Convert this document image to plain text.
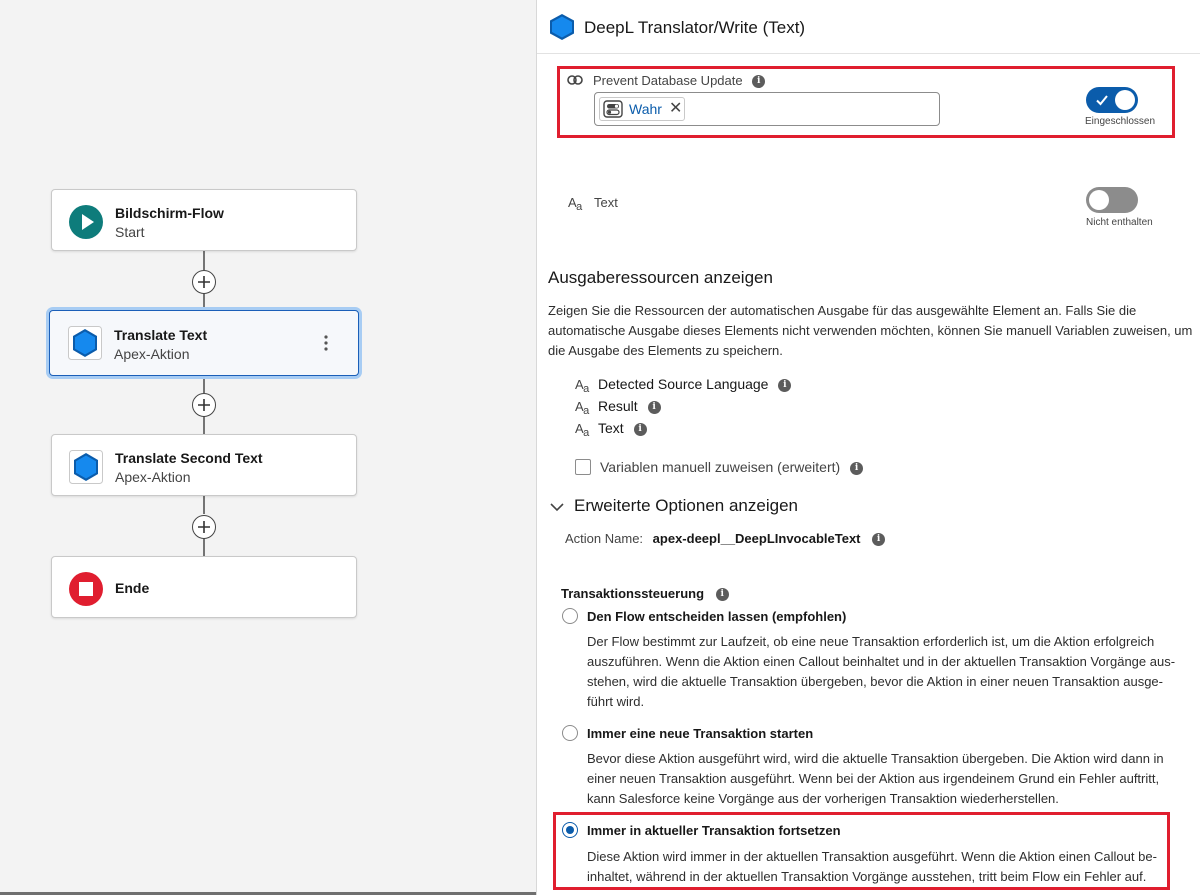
Bildschirm-Flow
Start
Translate Text
Apex-Aktion
Translate Second Text
Apex-Aktion
Ende
DeepL Translator/Write (Text)
Prevent Database Update i
Wahr ✕
Eingeschlossen
$A_a$ Text
Nicht enthalten
Ausgaberessourcen anzeigen
Zeigen Sie die Ressourcen der automatischen Ausgabe für das ausgewählte Element an. Falls Sie die automatische Ausgabe dieses Elements nicht verwenden möchten, können Sie manuell Variablen zuweisen, um die Ausgabe des Elements zu speichern.
$A_a$ Detected Source Language i
$A_a$ Result i
$A_a$ Text i
Variablen manuell zuweisen (erweitert) i
Erweiterte Optionen anzeigen
Action Name: apex-deepl__DeepLInvocableText i
Transaktionssteuerung i
Den Flow entscheiden lassen (empfohlen)
Der Flow bestimmt zur Laufzeit, ob eine neue Transaktion erforderlich ist, um die Aktion erfolgreich
auszuführen. Wenn die Aktion einen Callout beinhaltet und in der aktuellen Transaktion Vorgänge aus-
stehen, wird die aktuelle Transaktion übergeben, bevor die Aktion in einer neuen Transaktion ausge-
führt wird.
Immer eine neue Transaktion starten
Bevor diese Aktion ausgeführt wird, wird die aktuelle Transaktion übergeben. Die Aktion wird dann in
einer neuen Transaktion ausgeführt. Wenn bei der Aktion aus irgendeinem Grund ein Fehler auftritt,
kann Salesforce keine Vorgänge aus der vorherigen Transaktion wiederherstellen.
Immer in aktueller Transaktion fortsetzen
Diese Aktion wird immer in der aktuellen Transaktion ausgeführt. Wenn die Aktion einen Callout be-
inhaltet, während in der aktuellen Transaktion Vorgänge ausstehen, tritt beim Flow ein Fehler auf.
